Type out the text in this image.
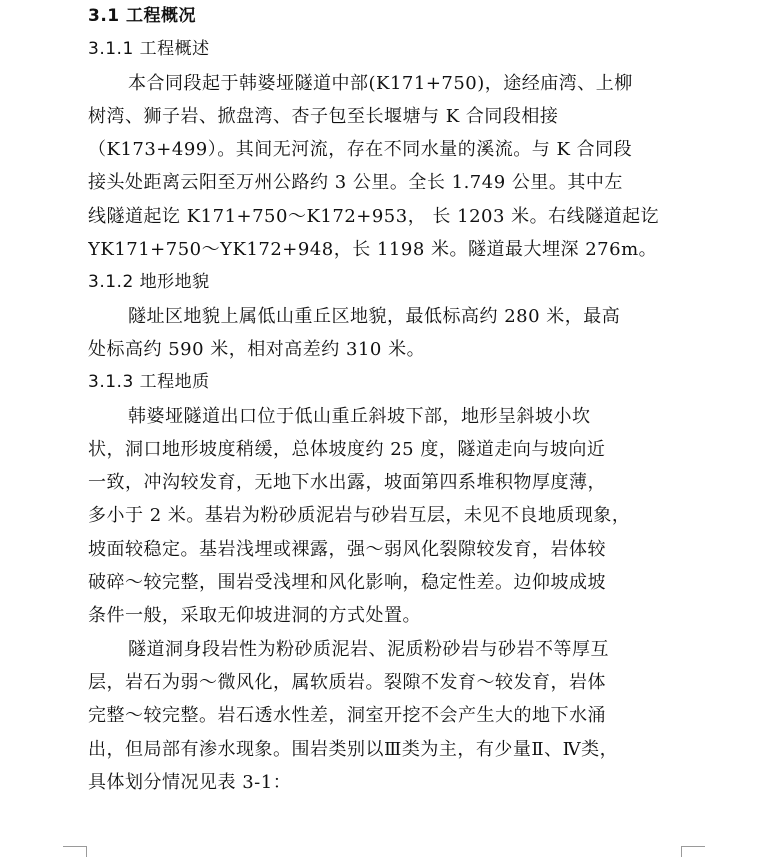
3.1 工程概况
3.1.1 工程概述
本合同段起于韩婆垭隧道中部(K171+750)，途经庙湾、上柳
树湾、狮子岩、掀盘湾、杏子包至长堰塘与 K 合同段相接
（K173+499）。其间无河流，存在不同水量的溪流。与 K 合同段
接头处距离云阳至万州公路约 3 公里。全长 1.749 公里。其中左
线隧道起讫 K171+750～K172+953， 长 1203 米。右线隧道起讫
YK171+750～YK172+948，长 1198 米。隧道最大埋深 276m。
3.1.2 地形地貌
隧址区地貌上属低山重丘区地貌，最低标高约 280 米，最高
处标高约 590 米，相对高差约 310 米。
3.1.3 工程地质
韩婆垭隧道出口位于低山重丘斜坡下部，地形呈斜坡小坎
状，洞口地形坡度稍缓，总体坡度约 25 度，隧道走向与坡向近
一致，冲沟较发育，无地下水出露，坡面第四系堆积物厚度薄，
多小于 2 米。基岩为粉砂质泥岩与砂岩互层，未见不良地质现象，
坡面较稳定。基岩浅埋或裸露，强～弱风化裂隙较发育，岩体较
破碎～较完整，围岩受浅埋和风化影响，稳定性差。边仰坡成坡
条件一般，采取无仰坡进洞的方式处置。
隧道洞身段岩性为粉砂质泥岩、泥质粉砂岩与砂岩不等厚互
层，岩石为弱～微风化，属软质岩。裂隙不发育～较发育，岩体
完整～较完整。岩石透水性差，洞室开挖不会产生大的地下水涌
出，但局部有渗水现象。围岩类别以Ⅲ类为主，有少量Ⅱ、Ⅳ类，
具体划分情况见表 3-1：
